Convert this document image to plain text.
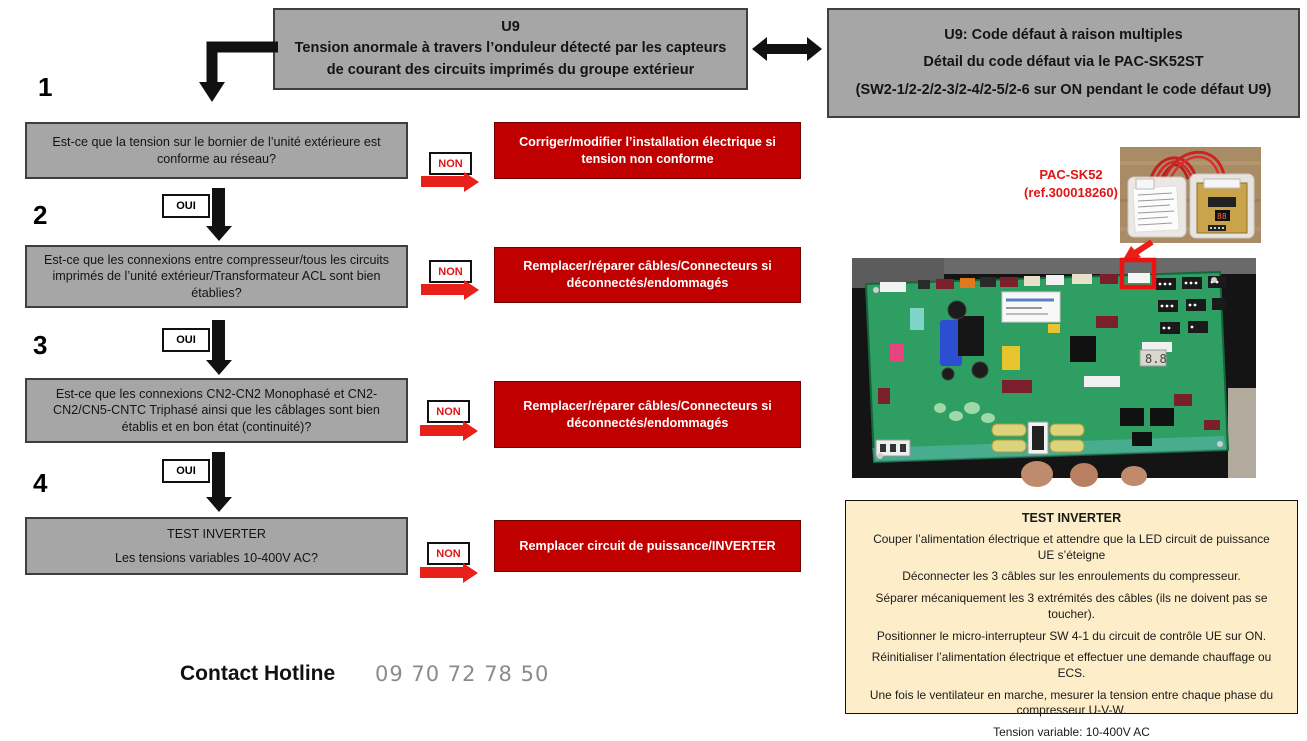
U9
Tension anormale à travers l’onduleur détecté par les capteurs
de courant des circuits imprimés du groupe extérieur
U9: Code défaut à raison multiples
Détail du code défaut via le PAC-SK52ST
(SW2-1/2-2/2-3/2-4/2-5/2-6 sur ON pendant le code défaut U9)
1
2
3
4
Est-ce que la tension sur le bornier de l’unité extérieure est conforme au réseau?	NON
Corriger/modifier l’installation électrique si tension non conforme
OUI
Est-ce que les connexions entre compresseur/tous les circuits imprimés de l’unité extérieur/Transformateur ACL sont bien établies?
NON	Remplacer/réparer câbles/Connecteurs si déconnectés/endommagés
OUI
Est-ce que les connexions CN2-CN2 Monophasé et CN2-CN2/CN5-CNTC Triphasé ainsi que les câblages sont bien établis et en bon état (continuité)?
NON	Remplacer/réparer câbles/Connecteurs si déconnectés/endommagés
OUI
TEST INVERTER
Les tensions variables 10-400V AC?	NON
Remplacer circuit de puissance/INVERTER
PAC-SK52
(ref.300018260)
88
8.8
TEST INVERTER

Couper l’alimentation électrique et attendre que la LED circuit de puissance UE s’éteigne

Déconnecter les 3 câbles sur les enroulements du compresseur.

Séparer mécaniquement les 3 extrémités des câbles (ils ne doivent pas se toucher).

Positionner le micro-interrupteur SW 4-1 du circuit de contrôle UE sur ON.

Réinitialiser l’alimentation électrique et effectuer une demande chauffage ou ECS.

Une fois le ventilateur en marche, mesurer la tension entre chaque phase du compresseur U-V-W.

Tension variable: 10-400V AC

Contact Hotline 09 70 72 78 50
